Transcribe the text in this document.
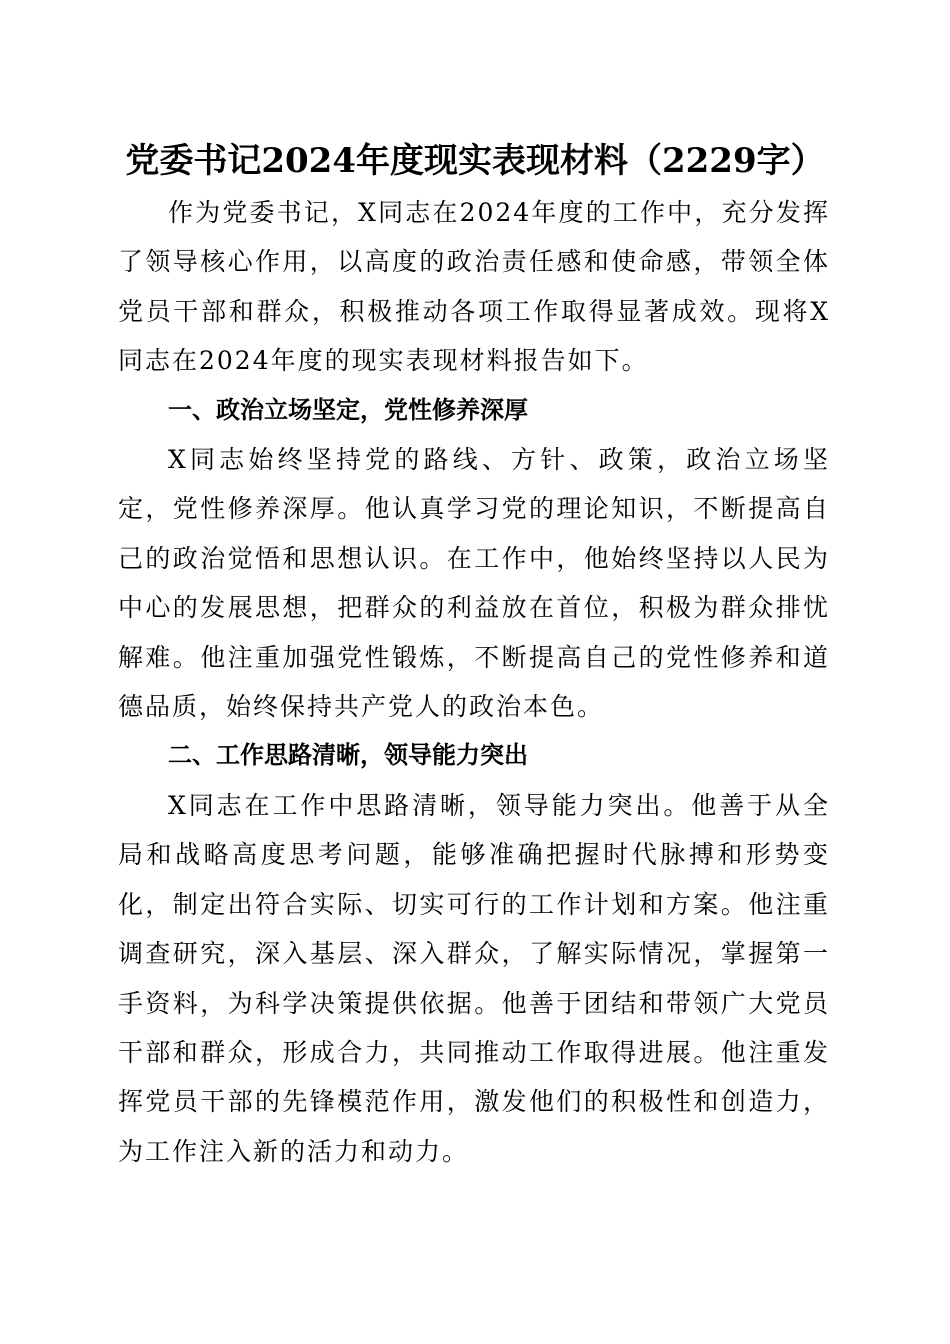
党委书记2024年度现实表现材料（2229字）

作为党委书记，X同志在2024年度的工作中，充分发挥了领导核心作用，以高度的政治责任感和使命感，带领全体党员干部和群众，积极推动各项工作取得显著成效。现将X同志在2024年度的现实表现材料报告如下。

一、政治立场坚定，党性修养深厚

X同志始终坚持党的路线、方针、政策，政治立场坚定，党性修养深厚。他认真学习党的理论知识，不断提高自己的政治觉悟和思想认识。在工作中，他始终坚持以人民为中心的发展思想，把群众的利益放在首位，积极为群众排忧解难。他注重加强党性锻炼，不断提高自己的党性修养和道德品质，始终保持共产党人的政治本色。

二、工作思路清晰，领导能力突出

X同志在工作中思路清晰，领导能力突出。他善于从全局和战略高度思考问题，能够准确把握时代脉搏和形势变化，制定出符合实际、切实可行的工作计划和方案。他注重调查研究，深入基层、深入群众，了解实际情况，掌握第一手资料，为科学决策提供依据。他善于团结和带领广大党员干部和群众，形成合力，共同推动工作取得进展。他注重发挥党员干部的先锋模范作用，激发他们的积极性和创造力，为工作注入新的活力和动力。
